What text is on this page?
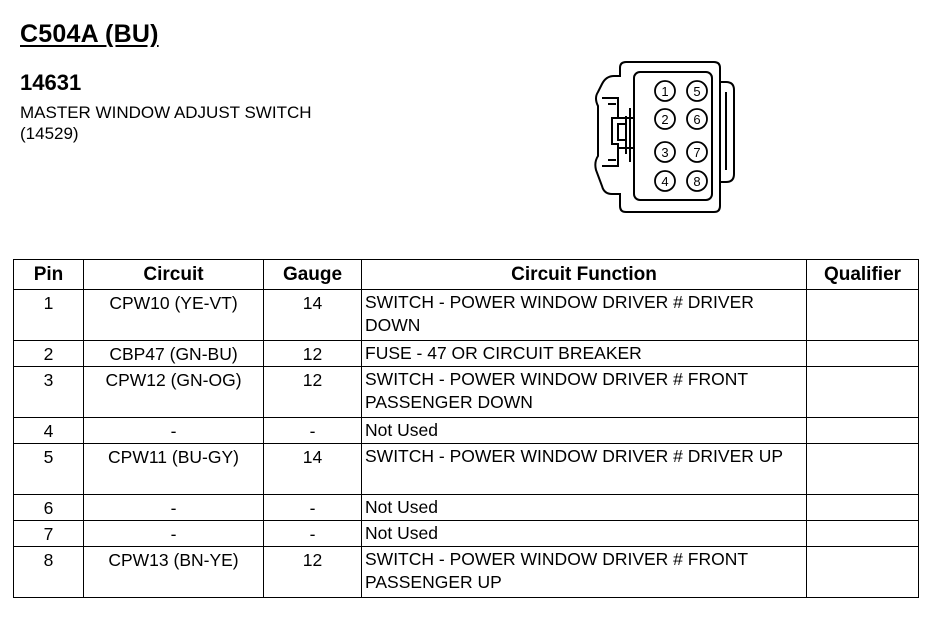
C504A (BU)
14631
MASTER WINDOW ADJUST SWITCH
(14529)
1 5
2 6
3 7
4 8
Pin	Circuit	Gauge	Circuit Function	Qualifier
1	CPW10 (YE-VT)	14	SWITCH - POWER WINDOW DRIVER # DRIVER DOWN	
2	CBP47 (GN-BU)	12	FUSE - 47 OR CIRCUIT BREAKER	
3	CPW12 (GN-OG)	12	SWITCH - POWER WINDOW DRIVER # FRONT PASSENGER DOWN	
4	-	-	Not Used	
5	CPW11 (BU-GY)	14	SWITCH - POWER WINDOW DRIVER # DRIVER UP	
6	-	-	Not Used	
7	-	-	Not Used	
8	CPW13 (BN-YE)	12	SWITCH - POWER WINDOW DRIVER # FRONT PASSENGER UP	
